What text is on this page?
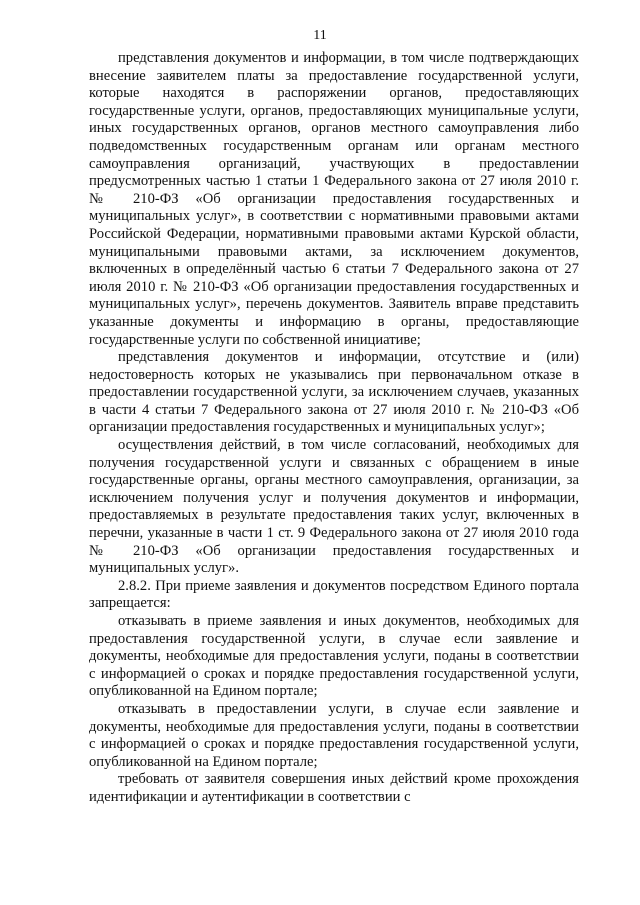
11

представления документов и информации, в том числе подтверждающих внесение заявителем платы за предоставление государственной услуги, которые находятся в распоряжении органов, предоставляющих государственные услуги, органов, предоставляющих муниципальные услуги, иных государственных органов, органов местного самоуправления либо подведомственных государственным органам или органам местного самоуправления организаций, участвующих в предоставлении предусмотренных частью 1 статьи 1 Федерального закона от 27 июля 2010 г. № 210-ФЗ «Об организации предоставления государственных и муниципальных услуг», в соответствии с нормативными правовыми актами Российской Федерации, нормативными правовыми актами Курской области, муниципальными правовыми актами, за исключением документов, включенных в определённый частью 6 статьи 7 Федерального закона от 27 июля 2010 г. № 210-ФЗ «Об организации предоставления государственных и муниципальных услуг», перечень документов. Заявитель вправе представить указанные документы и информацию в органы, предоставляющие государственные услуги по собственной инициативе;

представления документов и информации, отсутствие и (или) недостоверность которых не указывались при первоначальном отказе в предоставлении государственной услуги, за исключением случаев, указанных в части 4 статьи 7 Федерального закона от 27 июля 2010 г. № 210-ФЗ «Об организации предоставления государственных и муниципальных услуг»;

осуществления действий, в том числе согласований, необходимых для получения государственной услуги и связанных с обращением в иные государственные органы, органы местного самоуправления, организации, за исключением получения услуг и получения документов и информации, предоставляемых в результате предоставления таких услуг, включенных в перечни, указанные в части 1 ст. 9 Федерального закона от 27 июля 2010 года № 210-ФЗ «Об организации предоставления государственных и муниципальных услуг».

2.8.2. При приеме заявления и документов посредством Единого портала запрещается:

отказывать в приеме заявления и иных документов, необходимых для предоставления государственной услуги, в случае если заявление и документы, необходимые для предоставления услуги, поданы в соответствии с информацией о сроках и порядке предоставления государственной услуги, опубликованной на Едином портале;

отказывать в предоставлении услуги, в случае если заявление и документы, необходимые для предоставления услуги, поданы в соответствии с информацией о сроках и порядке предоставления государственной услуги, опубликованной на Едином портале;

требовать от заявителя совершения иных действий кроме прохождения идентификации и аутентификации в соответствии с
